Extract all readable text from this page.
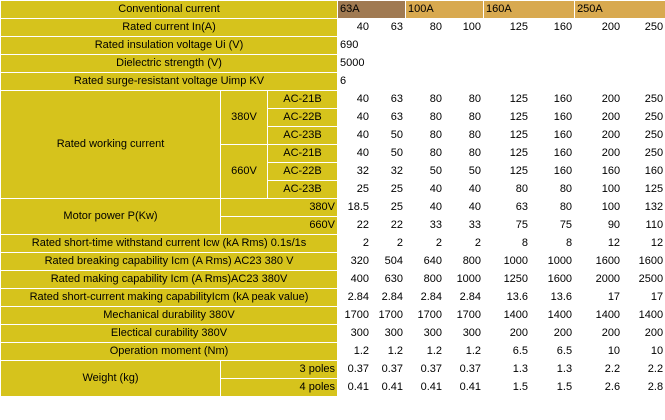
Conventional current			63A		100A		160A		250A	
Rated current In(A)			40	63	80	100	125	160	200	250
Rated insulation voltage Ui (V)			690							
Dielectric strength (V)			5000							
Rated surge-resistant voltage Uimp KV			6							
Rated working current	380V	AC-21B	40	63	80	80	125	160	200	250
		AC-22B	40	63	80	80	125	160	200	250
		AC-23B	40	50	80	80	125	160	200	250
	660V	AC-21B	40	50	80	80	125	160	200	250
		AC-22B	32	32	50	50	125	160	160	160
		AC-23B	25	25	40	40	80	80	100	125
Motor power P(Kw)	380V		18.5	25	40	40	63	80	100	132
	660V		22	22	33	33	75	75	90	110
Rated short-time withstand current Icw (kA Rms) 0.1s/1s			2	2	2	2	8	8	12	12
Rated breaking capability Icm (A Rms) AC23 380 V			320	504	640	800	1000	1000	1600	1600
Rated making capability Icm (A Rms)AC23 380V			400	630	800	1000	1250	1600	2000	2500
Rated short-current making capabilityIcm (kA peak value)			2.84	2.84	2.84	2.84	13.6	13.6	17	17
Mechanical durability 380V			1700	1700	1700	1700	1400	1400	1400	1400
Electical curability 380V			300	300	300	300	200	200	200	200
Operation moment (Nm)			1.2	1.2	1.2	1.2	6.5	6.5	10	10
Weight (kg)	3 poles		0.37	0.37	0.37	0.37	1.3	1.3	2.2	2.2
	4 poles		0.41	0.41	0.41	0.41	1.5	1.5	2.6	2.8
